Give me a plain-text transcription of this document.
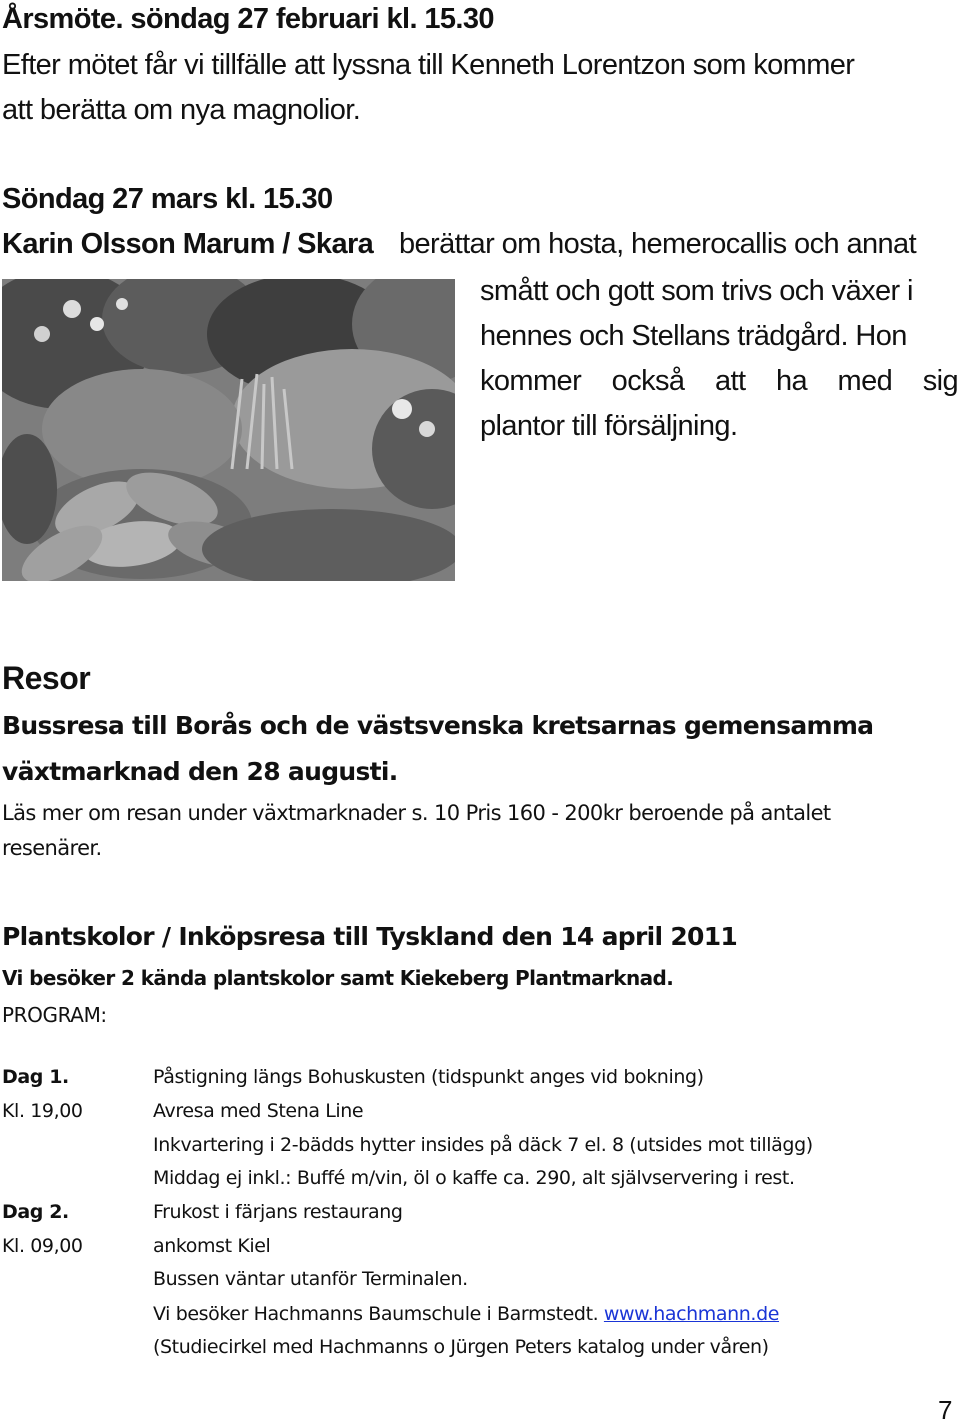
Årsmöte. söndag 27 februari kl. 15.30
Efter mötet får vi tillfälle att lyssna till Kenneth Lorentzon som kommer
att berätta om nya magnolior.
Söndag 27 mars kl. 15.30
Karin Olsson Marum / Skara berättar om hosta, hemerocallis och annat
smått och gott som trivs och växer i
hennes och Stellans trädgård. Hon
kommer också att ha med sig
plantor till försäljning.
Resor
Bussresa till Borås och de västsvenska kretsarnas gemensamma
växtmarknad den 28 augusti.
Läs mer om resan under växtmarknader s. 10 Pris 160 - 200kr beroende på antalet
resenärer.
Plantskolor / Inköpsresa till Tyskland den 14 april 2011
Vi besöker 2 kända plantskolor samt Kiekeberg Plantmarknad.
PROGRAM:
Dag 1.	Påstigning längs Bohuskusten (tidspunkt anges vid bokning)
Kl. 19,00	Avresa med Stena Line
Inkvartering i 2-bädds hytter insides på däck 7 el. 8 (utsides mot tillägg)
Middag ej inkl.: Buffé m/vin, öl o kaffe ca. 290, alt självservering i rest.
Dag 2.	Frukost i färjans restaurang
Kl. 09,00	ankomst Kiel
Bussen väntar utanför Terminalen.
Vi besöker Hachmanns Baumschule i Barmstedt. www.hachmann.de
(Studiecirkel med Hachmanns o Jürgen Peters katalog under våren)
7
